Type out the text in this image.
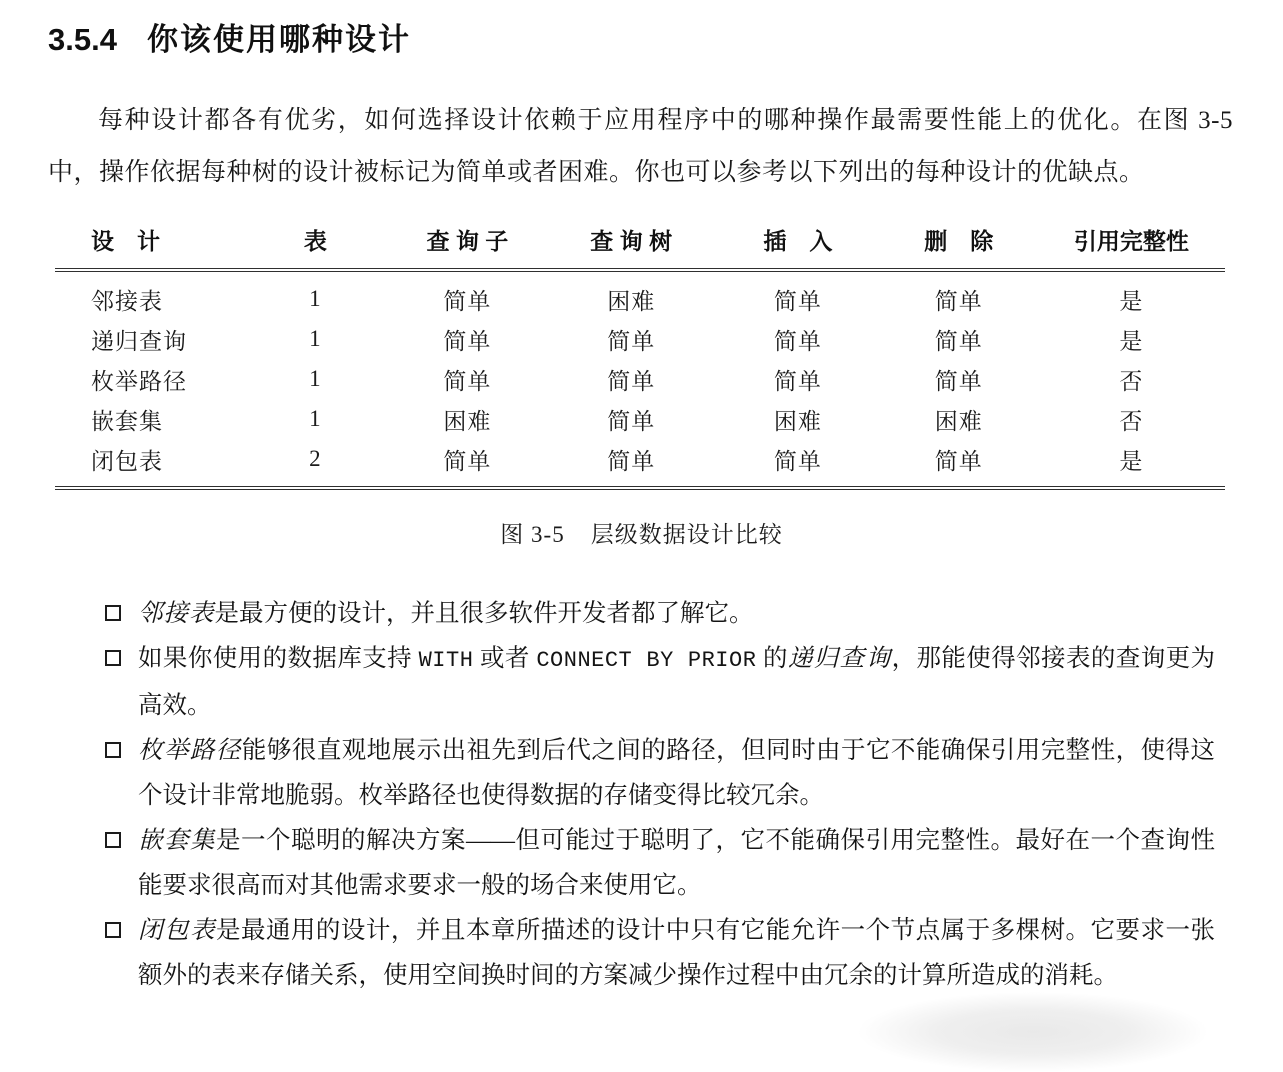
3.5.4 你该使用哪种设计

每种设计都各有优劣，如何选择设计依赖于应用程序中的哪种操作最需要性能上的优化。在图 3-5 中，操作依据每种树的设计被标记为简单或者困难。你也可以参考以下列出的每种设计的优缺点。

设　计	表	查 询 子	查 询 树	插　入	删　除	引用完整性
邻接表	1	简单	困难	简单	简单	是
递归查询	1	简单	简单	简单	简单	是
枚举路径	1	简单	简单	简单	简单	否
嵌套集	1	困难	简单	困难	困难	否
闭包表	2	简单	简单	简单	简单	是
图 3-5 层级数据设计比较
邻接表是最方便的设计，并且很多软件开发者都了解它。
如果你使用的数据库支持 WITH 或者 CONNECT BY PRIOR 的递归查询，那能使得邻接表的查询更为高效。
枚举路径能够很直观地展示出祖先到后代之间的路径，但同时由于它不能确保引用完整性，使得这个设计非常地脆弱。枚举路径也使得数据的存储变得比较冗余。
嵌套集是一个聪明的解决方案——但可能过于聪明了，它不能确保引用完整性。最好在一个查询性能要求很高而对其他需求要求一般的场合来使用它。
闭包表是最通用的设计，并且本章所描述的设计中只有它能允许一个节点属于多棵树。它要求一张额外的表来存储关系，使用空间换时间的方案减少操作过程中由冗余的计算所造成的消耗。
